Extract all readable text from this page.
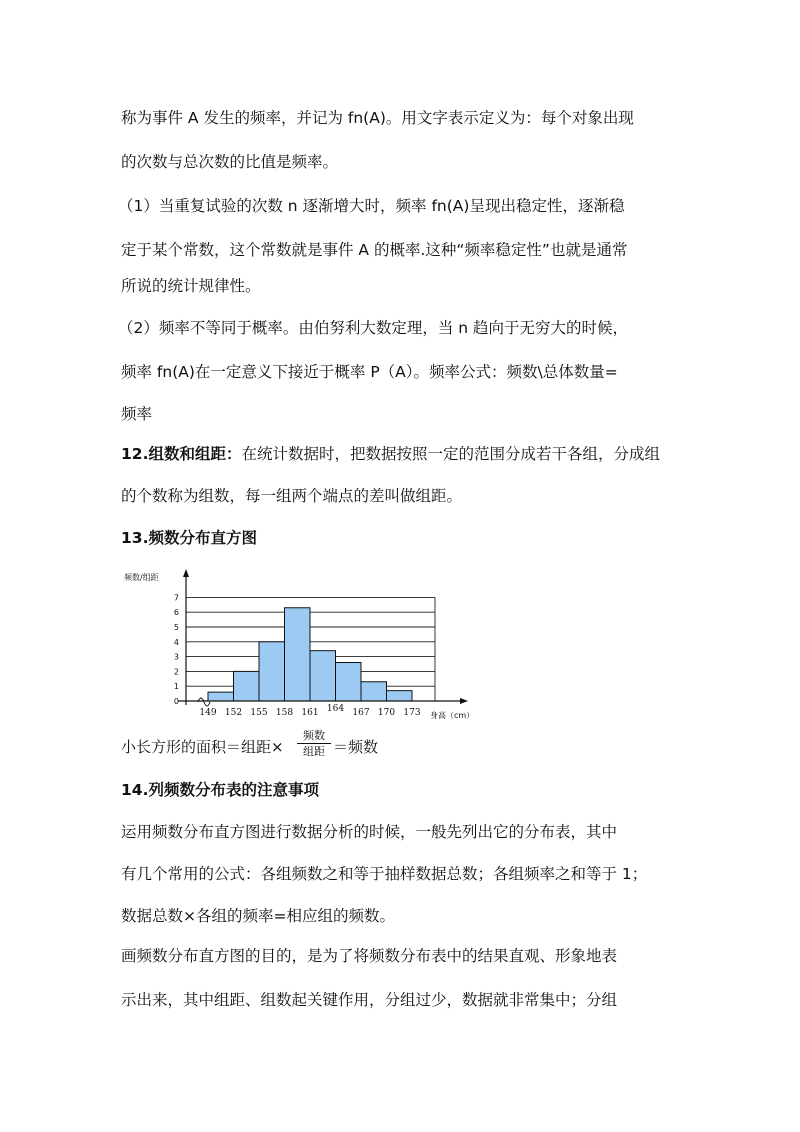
称为事件 A 发生的频率，并记为 fn(A)。用文字表示定义为：每个对象出现
的次数与总次数的比值是频率。
（1）当重复试验的次数 n 逐渐增大时，频率 fn(A)呈现出稳定性，逐渐稳
定于某个常数，这个常数就是事件 A 的概率.这种“频率稳定性”也就是通常
所说的统计规律性。
（2）频率不等同于概率。由伯努利大数定理，当 n 趋向于无穷大的时候，
频率 fn(A)在一定意义下接近于概率 P（A）。频率公式：频数\总体数量=
频率
12.组数和组距：在统计数据时，把数据按照一定的范围分成若干各组，分成组
的个数称为组数，每一组两个端点的差叫做组距。
13.频数分布直方图
0
1
2
3
4
5
6
7
149 152 155 158 161 164 167 170 173
频数/组距
身高（cm）
小长方形的面积＝组距×
频数
组距 ＝频数
14.列频数分布表的注意事项
运用频数分布直方图进行数据分析的时候，一般先列出它的分布表，其中
有几个常用的公式：各组频数之和等于抽样数据总数；各组频率之和等于 1；
数据总数×各组的频率=相应组的频数。
画频数分布直方图的目的，是为了将频数分布表中的结果直观、形象地表
示出来，其中组距、组数起关键作用，分组过少，数据就非常集中；分组
